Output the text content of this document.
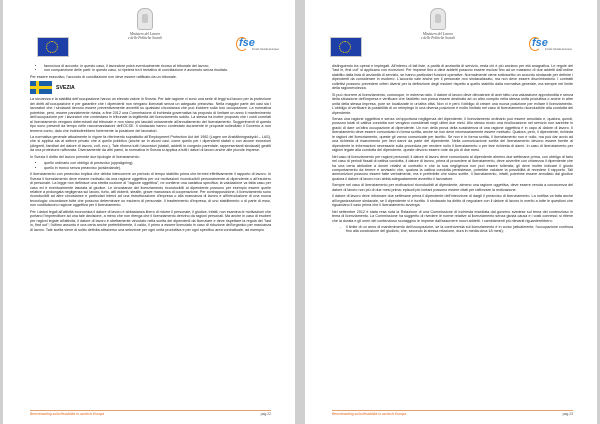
Ministero del Lavoro
e delle Politiche Sociali	fse
Fondo Sociale Europeo
• fanno/oca di accordo: in questo caso, il lavoratore potrà eventualmente ricorso al tribunale del lavoro;
• non comparizione delle parti: in questo caso, si ripeterà tra il tentativo di conciliazione è avvenuto senza risultato.

Per essere esecutivo, l'accordo di conciliazione non deve essere ratificato da un tribunale.

SVEZIA

La sicurezza e la stabilità dell'occupazione hanno un elevato valore in Svezia. Per tale ragione vi sono una serie di leggi sul lavoro per la protezione dei diritti all'occupazione e per garantire che i dipendenti non vengano licenziati senza un adeguato preavviso. Nella maggior parte dei casi sia i lavoratori che i sindacati devono essere preventivamente avvertiti su qualsiasi circostanza che può incidere sulla loro occupazione. La normativa potrebbe, però, essere parzialmente rivista; a fine 2012 una Commissione di inchiesta governativa ha proposto di limitare un anno il mantenimento dell'occupazione per i lavoratori che contestano in tribunale la legittimità del licenziamento subito. La stessa ha inoltre proposto che i costi correlati al licenziamento vengano determinati dal tribunale e non siano più lasciati unicamente all'annullamento del licenziamento. Suggerimenti di questo tipo sono presenti da tempo nelle raccomandazioni dell'OCSE. Il sindacato hanno contestato duramente le proposte sollecitato il Governo a non tenerne conto, dato che indebolirebbero fortemente la posizione dei lavoratori.

La normativa generale attualmente in vigore fa riferimento soprattutto all'Employment Protection Act del 1982 (Lagen om Anställningsskydd – LAS), che si applica sia al settore privato che a quello pubblico (anche se in alcuni casi, come quello per i dipendenti statali o con alcune eccezioni (dirigenti, familiari del datore di lavoro, colf, ecc.). Tale riforma tutti i lavoratori (statali, addetti in congedo parentale, rappresentanti sindacali) gestiti da una protezione rafforzata. Diversamente da altri paesi, la normativa in Svezia si applica a tutti i datori di lavoro anche alle piccole imprese.

In Svezia il diritto del lavoro prevede due tipologie di licenziamento:

• quello ordinario con obbligo di preavviso (uppsägning);
• quello in tronco senza preavviso (avskedande).

Il licenziamento con preavviso implica che debba intercorrere un periodo di tempo stabilito prima che termini effettivamente il rapporto di lavoro. In Svezia il licenziamento deve essere motivato da una ragione oggettiva per cui motivazioni riconducibili personalmente al dipendente o all'esubero di personale. La legge non definisce una stretta nozione di "ragione oggettiva", ne contiene una casistica specifica; la valutazione va fatta caso per caso ed è eventualmente lasciata al giudice. Le circostanze del licenziamento riconducibili al dipendente possono per esempio essere quelle relative a prolungata negligenza sul lavoro, furto, atti violenti, stealth, grave mancanza di cooperazione. Per contrapposizione, il licenziamento sono riconducibili ad altre circostanze e particolari interni ad una ristrutturazione d'impresa o alla mancanza di lavoro e all'introduzione di una nuova tecnologia: circostanze tutte che possono determinare un esubero di personale. Il trasferimento d'impresa, di uno stabilimento o di parte di esso, non costituiscono ragione oggettiva per il licenziamento.

Per i datori legali all'attività economica il datore di lavoro è abbastanza libero di ridurre il personale; il giudice, infatti, non esamina le motivazioni che portano l'imprenditore ad una tale decisione, a meno che non ritenga che il licenziamento derivino da ragioni personali. Ma anche in caso di esuberi per ragioni legate all'attività, il datore di lavoro è strettamente vincolato nella scelta dei dipendenti da licenziare e deve rispettare la regola del "last in, first out"; l'ultimo assunto è una certa anche preferibilmente, il caldo, il primo a essere licenziato in caso di riduzione dell'organico per mancanza di lavoro. Tale scelta viene di solito definita attraverso una selezione per ogni unità produttiva e per ogni specifico area contrattuale, ad esempio

Benchmarking sulla flessibilità in uscita in Europa	pag.22
Ministero del Lavoro
e delle Politiche Sociali	fse
Fondo Sociale Europeo

distinguendo tra operai e impiegati. All'interno di tali liste, a parità di anzianità di servizio, resta chi è più anziano per età anagrafica. Le regole del "last in, first out" si applicano con eccezioni. Per imprese fino a dieci addetti possono essere esclusi fino ad un massimo di due addetti dall'ordine stabilito dalla lista di anzianità di servizio, se hanno particolari funzioni operative. Normalmente viene sottoscritto un accordo sindacale per definire i dipendenti da considerare in esubero. L'accordo vale anche per il personale non sindacalizzato, ma non deve essere discriminatorio. I contratti collettivi possono prevedere criteri diversi per la definizione degli esuberi rispetto a quello stabilito dalla normativa generale, ma sempre nel limite della ragionevolezza.

Si può ricorrere al licenziamento, comunque, in estrema ratio. Il datore di lavoro deve dimostrare di aver fatto una valutazione approfondita e senza della situazione dell'impresa e verificare che l'addetto non possa essere destinato ad un altro compito nella stessa unità produttiva o anche in altre unità della stessa impresa, pure se localizzate in un'altra città. Non vi è però l'obbligo di creare una nuova posizione per evitare il licenziamento. L'obbligo di verificare la possibilità di un reimpiego in una diversa posizione è molto limitato nel caso di licenziamento riconducibile alla condotta del dipendente.

Senza una ragione oggettiva e senza un'opportuna negligenza del dipendente, il licenziamento ordinario può essere annullato e, qualora, quindi, possono totali di cattiva condotta non vengano considerati negli ultimi due mesi. Allo stesso modo una ricollocazione nel servizio non sarebbe in grado di dare un'altra occupazione al dipendente. Un non della prova della sussistenza di una ragione oggettiva è in capo al datore di lavoro. Il licenziamento deve essere comunicato in forma scritta, anche se non deve necessariamente essere motivato. Qualora, però, il dipendente, richieda le ragioni del licenziamento, queste gli vanno comunicate per iscritto. Se non è in forma scritta, il licenziamento non è nullo, ma può dar avvio ad una richiesta di risarcimento per lievi danni da parte del dipendente. Nella comunicazione scritta del licenziamento devono essere fornite al dipendente le informazioni necessarie sulla procedura per rendere nullo il licenziamento o per fare richiesta di danni. In caso di licenziamento per ragioni legate alla condotta del dipendente, queste devono essere note da più di due mesi.

Nel caso di licenziamento per ragioni personali, il datore di lavoro deve comunicarlo al dipendente almeno due settimane prima, con obbligo di farlo nel caso di periodi fissati di cattiva condotta, il datore di lavoro, prima di procedere al licenziamento, deve avvertire con chiarezza il dipendente che ha una certa abitudine a doveri relativi al contratto e che la sua negligenza non può essere tollerata; gli deve inoltre indicare il giusto comportamento da tenere e avvisarlo che, qualora la cattiva condotta persistesse, potrebbe valutare la possibilità di recedere il rapporto. Tali ammonizioni possono essere fatte verbalmente, ma è preferibile che siano scritte. Il licenziamento, infatti, potrebbe essere annullato dal giudice qualora il datore di lavoro non abbia adeguatamente avvertito il lavoratore.

Sempre nel caso di licenziamento per motivazioni riconducibili al dipendente, almeno una ragione oggettiva, deve essere venuta a conoscenza del datore di lavoro non più di due mesi prima; episodi più lontani possono essere citati per rafforzare la motivazione.

Il datore di lavoro deve informare due settimane prima il dipendente dell'intenzione di dargli il preavviso di licenziamento. La notifica va fatta anche all'organizzazione sindacale, se il dipendente vi è iscritto. Il sindacato ha diritto di negoziare con il datore di lavoro in merito a tutte le questioni che riguardano il caso prima che il licenziamento avvenga.

Nel settembre 2012 è stata resa nota la Relazione di una Commissione di inchiesta insediata dal governo svedese sul tema del contenzioso in tema di licenziamento. La Commissione ha suggerito di rivedere le norme relative al licenziamento senza giusta causa e i costi connessi; si ritiene che la durata e gli oneri del contenzioso scoraggino le imprese dall'assumere nuovi addetti. I cambiamenti più rilevanti riguarderebbero:

- il limite di un anno di mantenimento dell'occupazione, se la controversia sul licenziamento è in corso (attualmente, l'occupazione continua fino alla conclusione del giudizio, che, secondo la stessa relazione, dura in media circa 18 mesi);
Benchmarking sulla flessibilità in uscita in Europa	pag.23
